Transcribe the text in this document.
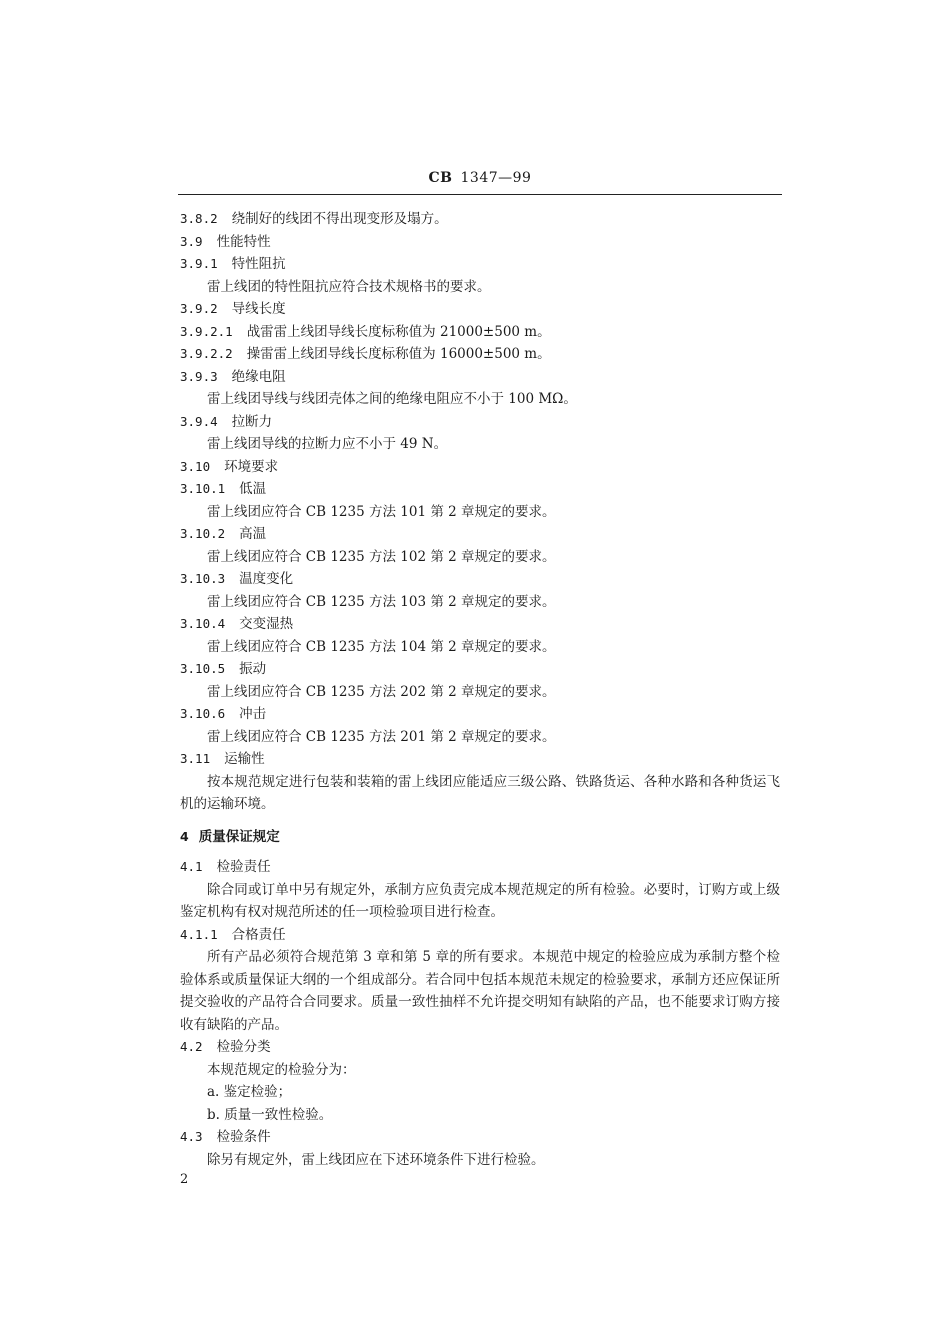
CB 1347—99
3.8.2 绕制好的线团不得出现变形及塌方。
3.9 性能特性
3.9.1 特性阻抗
雷上线团的特性阻抗应符合技术规格书的要求。
3.9.2 导线长度
3.9.2.1 战雷雷上线团导线长度标称值为 21000±500 m。
3.9.2.2 操雷雷上线团导线长度标称值为 16000±500 m。
3.9.3 绝缘电阻
雷上线团导线与线团壳体之间的绝缘电阻应不小于 100 MΩ。
3.9.4 拉断力
雷上线团导线的拉断力应不小于 49 N。
3.10 环境要求
3.10.1 低温
雷上线团应符合 CB 1235 方法 101 第 2 章规定的要求。
3.10.2 高温
雷上线团应符合 CB 1235 方法 102 第 2 章规定的要求。
3.10.3 温度变化
雷上线团应符合 CB 1235 方法 103 第 2 章规定的要求。
3.10.4 交变湿热
雷上线团应符合 CB 1235 方法 104 第 2 章规定的要求。
3.10.5 振动
雷上线团应符合 CB 1235 方法 202 第 2 章规定的要求。
3.10.6 冲击
雷上线团应符合 CB 1235 方法 201 第 2 章规定的要求。
3.11 运输性
按本规范规定进行包装和装箱的雷上线团应能适应三级公路、铁路货运、各种水路和各种货运飞机的运输环境。
4 质量保证规定
4.1 检验责任
除合同或订单中另有规定外，承制方应负责完成本规范规定的所有检验。必要时，订购方或上级鉴定机构有权对规范所述的任一项检验项目进行检查。
4.1.1 合格责任
所有产品必须符合规范第 3 章和第 5 章的所有要求。本规范中规定的检验应成为承制方整个检验体系或质量保证大纲的一个组成部分。若合同中包括本规范未规定的检验要求，承制方还应保证所提交验收的产品符合合同要求。质量一致性抽样不允许提交明知有缺陷的产品，也不能要求订购方接收有缺陷的产品。
4.2 检验分类
本规范规定的检验分为：
a. 鉴定检验；
b. 质量一致性检验。
4.3 检验条件
除另有规定外，雷上线团应在下述环境条件下进行检验。
2
